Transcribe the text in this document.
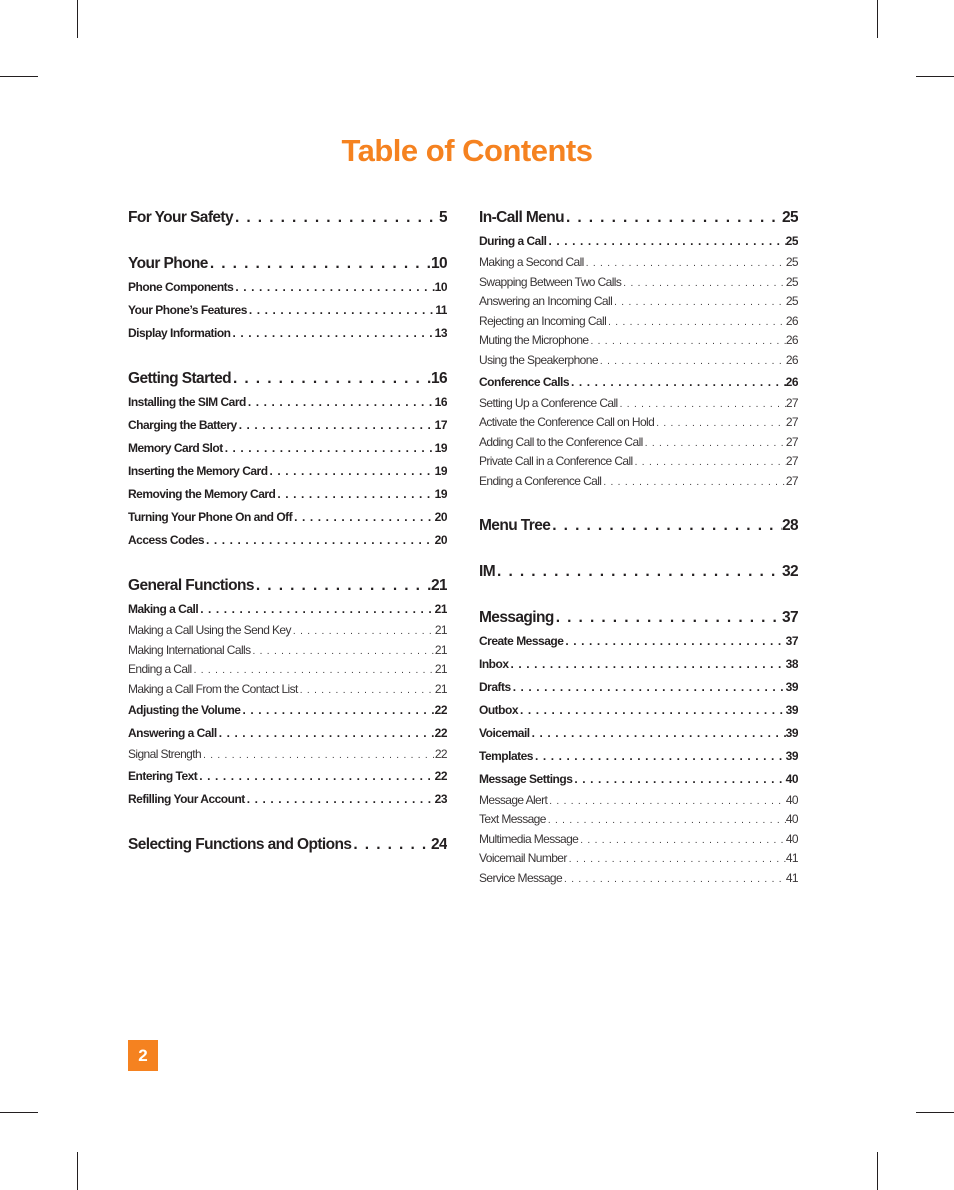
Table of Contents
For Your Safety . . .	5
Your Phone . . .	10
Phone Components . . .	10
Your Phone’s Features . . .	11
Display Information . . .	13
Getting Started . . .	16
Installing the SIM Card . . .	16
Charging the Battery . . .	17
Memory Card Slot . . .	19
Inserting the Memory Card . . .	19
Removing the Memory Card . . .	19
Turning Your Phone On and Off . . .	20
Access Codes . . .	20
General Functions . . .	21
Making a Call . . .	21
Making a Call Using the Send Key . . .	21
Making International Calls . . .	21
Ending a Call . . .	21
Making a Call From the Contact List . . .	21
Adjusting the Volume . . .	22
Answering a Call . . .	22
Signal Strength . . .	22
Entering Text . . .	22
Refilling Your Account . . .	23
Selecting Functions and Options . . .	24
In-Call Menu . . .	25
During a Call . . .	25
Making a Second Call . . .	25
Swapping Between Two Calls . . .	25
Answering an Incoming Call . . .	25
Rejecting an Incoming Call . . .	26
Muting the Microphone . . .	26
Using the Speakerphone . . .	26
Conference Calls . . .	26
Setting Up a Conference Call . . .	27
Activate the Conference Call on Hold . . .	27
Adding Call to the Conference Call . . .	27
Private Call in a Conference Call . . .	27
Ending a Conference Call . . .	27
Menu Tree . . .	28
IM . . .	32
Messaging . . .	37
Create Message . . .	37
Inbox . . .	38
Drafts . . .	39
Outbox . . .	39
Voicemail . . .	39
Templates . . .	39
Message Settings . . .	40
Message Alert . . .	40
Text Message . . .	40
Multimedia Message . . .	40
Voicemail Number . . .	41
Service Message . . .	41
2
